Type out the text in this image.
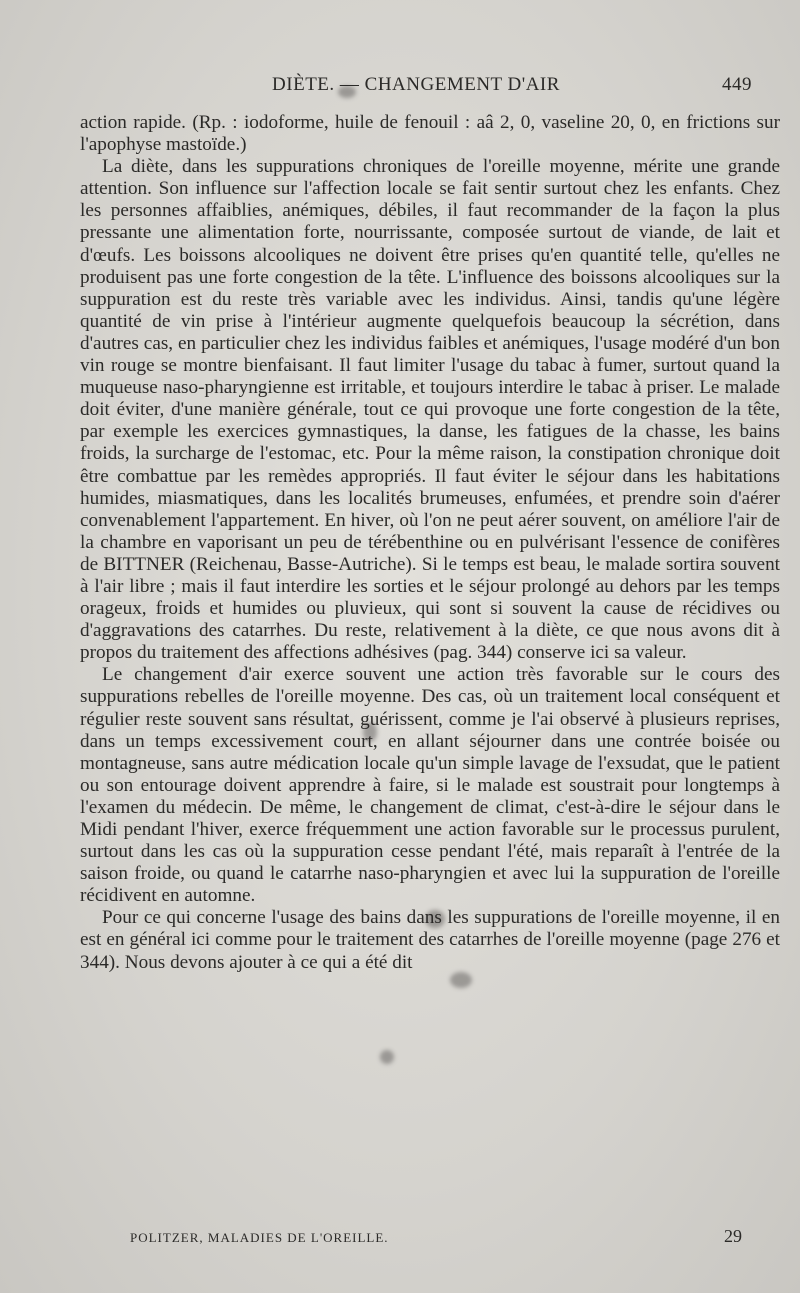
DIÈTE. — CHANGEMENT D'AIR	449

action rapide. (Rp. : iodoforme, huile de fenouil : aâ 2, 0, vaseline 20, 0, en frictions sur l'apophyse mastoïde.)

La diète, dans les suppurations chroniques de l'oreille moyenne, mérite une grande attention. Son influence sur l'affection locale se fait sentir surtout chez les enfants. Chez les personnes affaiblies, anémiques, débiles, il faut recommander de la façon la plus pressante une alimentation forte, nourrissante, composée surtout de viande, de lait et d'œufs. Les boissons alcooliques ne doivent être prises qu'en quantité telle, qu'elles ne produisent pas une forte congestion de la tête. L'influence des boissons alcooliques sur la suppuration est du reste très variable avec les individus. Ainsi, tandis qu'une légère quantité de vin prise à l'intérieur augmente quelquefois beaucoup la sécrétion, dans d'autres cas, en particulier chez les individus faibles et anémiques, l'usage modéré d'un bon vin rouge se montre bienfaisant. Il faut limiter l'usage du tabac à fumer, surtout quand la muqueuse naso-pharyngienne est irritable, et toujours interdire le tabac à priser. Le malade doit éviter, d'une manière générale, tout ce qui provoque une forte congestion de la tête, par exemple les exercices gymnastiques, la danse, les fatigues de la chasse, les bains froids, la surcharge de l'estomac, etc. Pour la même raison, la constipation chronique doit être combattue par les remèdes appropriés. Il faut éviter le séjour dans les habitations humides, miasmatiques, dans les localités brumeuses, enfumées, et prendre soin d'aérer convenablement l'appartement. En hiver, où l'on ne peut aérer souvent, on améliore l'air de la chambre en vaporisant un peu de térébenthine ou en pulvérisant l'essence de conifères de BITTNER (Reichenau, Basse-Autriche). Si le temps est beau, le malade sortira souvent à l'air libre ; mais il faut interdire les sorties et le séjour prolongé au dehors par les temps orageux, froids et humides ou pluvieux, qui sont si souvent la cause de récidives ou d'aggravations des catarrhes. Du reste, relativement à la diète, ce que nous avons dit à propos du traitement des affections adhésives (pag. 344) conserve ici sa valeur.

Le changement d'air exerce souvent une action très favorable sur le cours des suppurations rebelles de l'oreille moyenne. Des cas, où un traitement local conséquent et régulier reste souvent sans résultat, guérissent, comme je l'ai observé à plusieurs reprises, dans un temps excessivement court, en allant séjourner dans une contrée boisée ou montagneuse, sans autre médication locale qu'un simple lavage de l'exsudat, que le patient ou son entourage doivent apprendre à faire, si le malade est soustrait pour longtemps à l'examen du médecin. De même, le changement de climat, c'est-à-dire le séjour dans le Midi pendant l'hiver, exerce fréquemment une action favorable sur le processus purulent, surtout dans les cas où la suppuration cesse pendant l'été, mais reparaît à l'entrée de la saison froide, ou quand le catarrhe naso-pharyngien et avec lui la suppuration de l'oreille récidivent en automne.

Pour ce qui concerne l'usage des bains dans les suppurations de l'oreille moyenne, il en est en général ici comme pour le traitement des catarrhes de l'oreille moyenne (page 276 et 344). Nous devons ajouter à ce qui a été dit

POLITZER, MALADIES DE L'OREILLE.	29
